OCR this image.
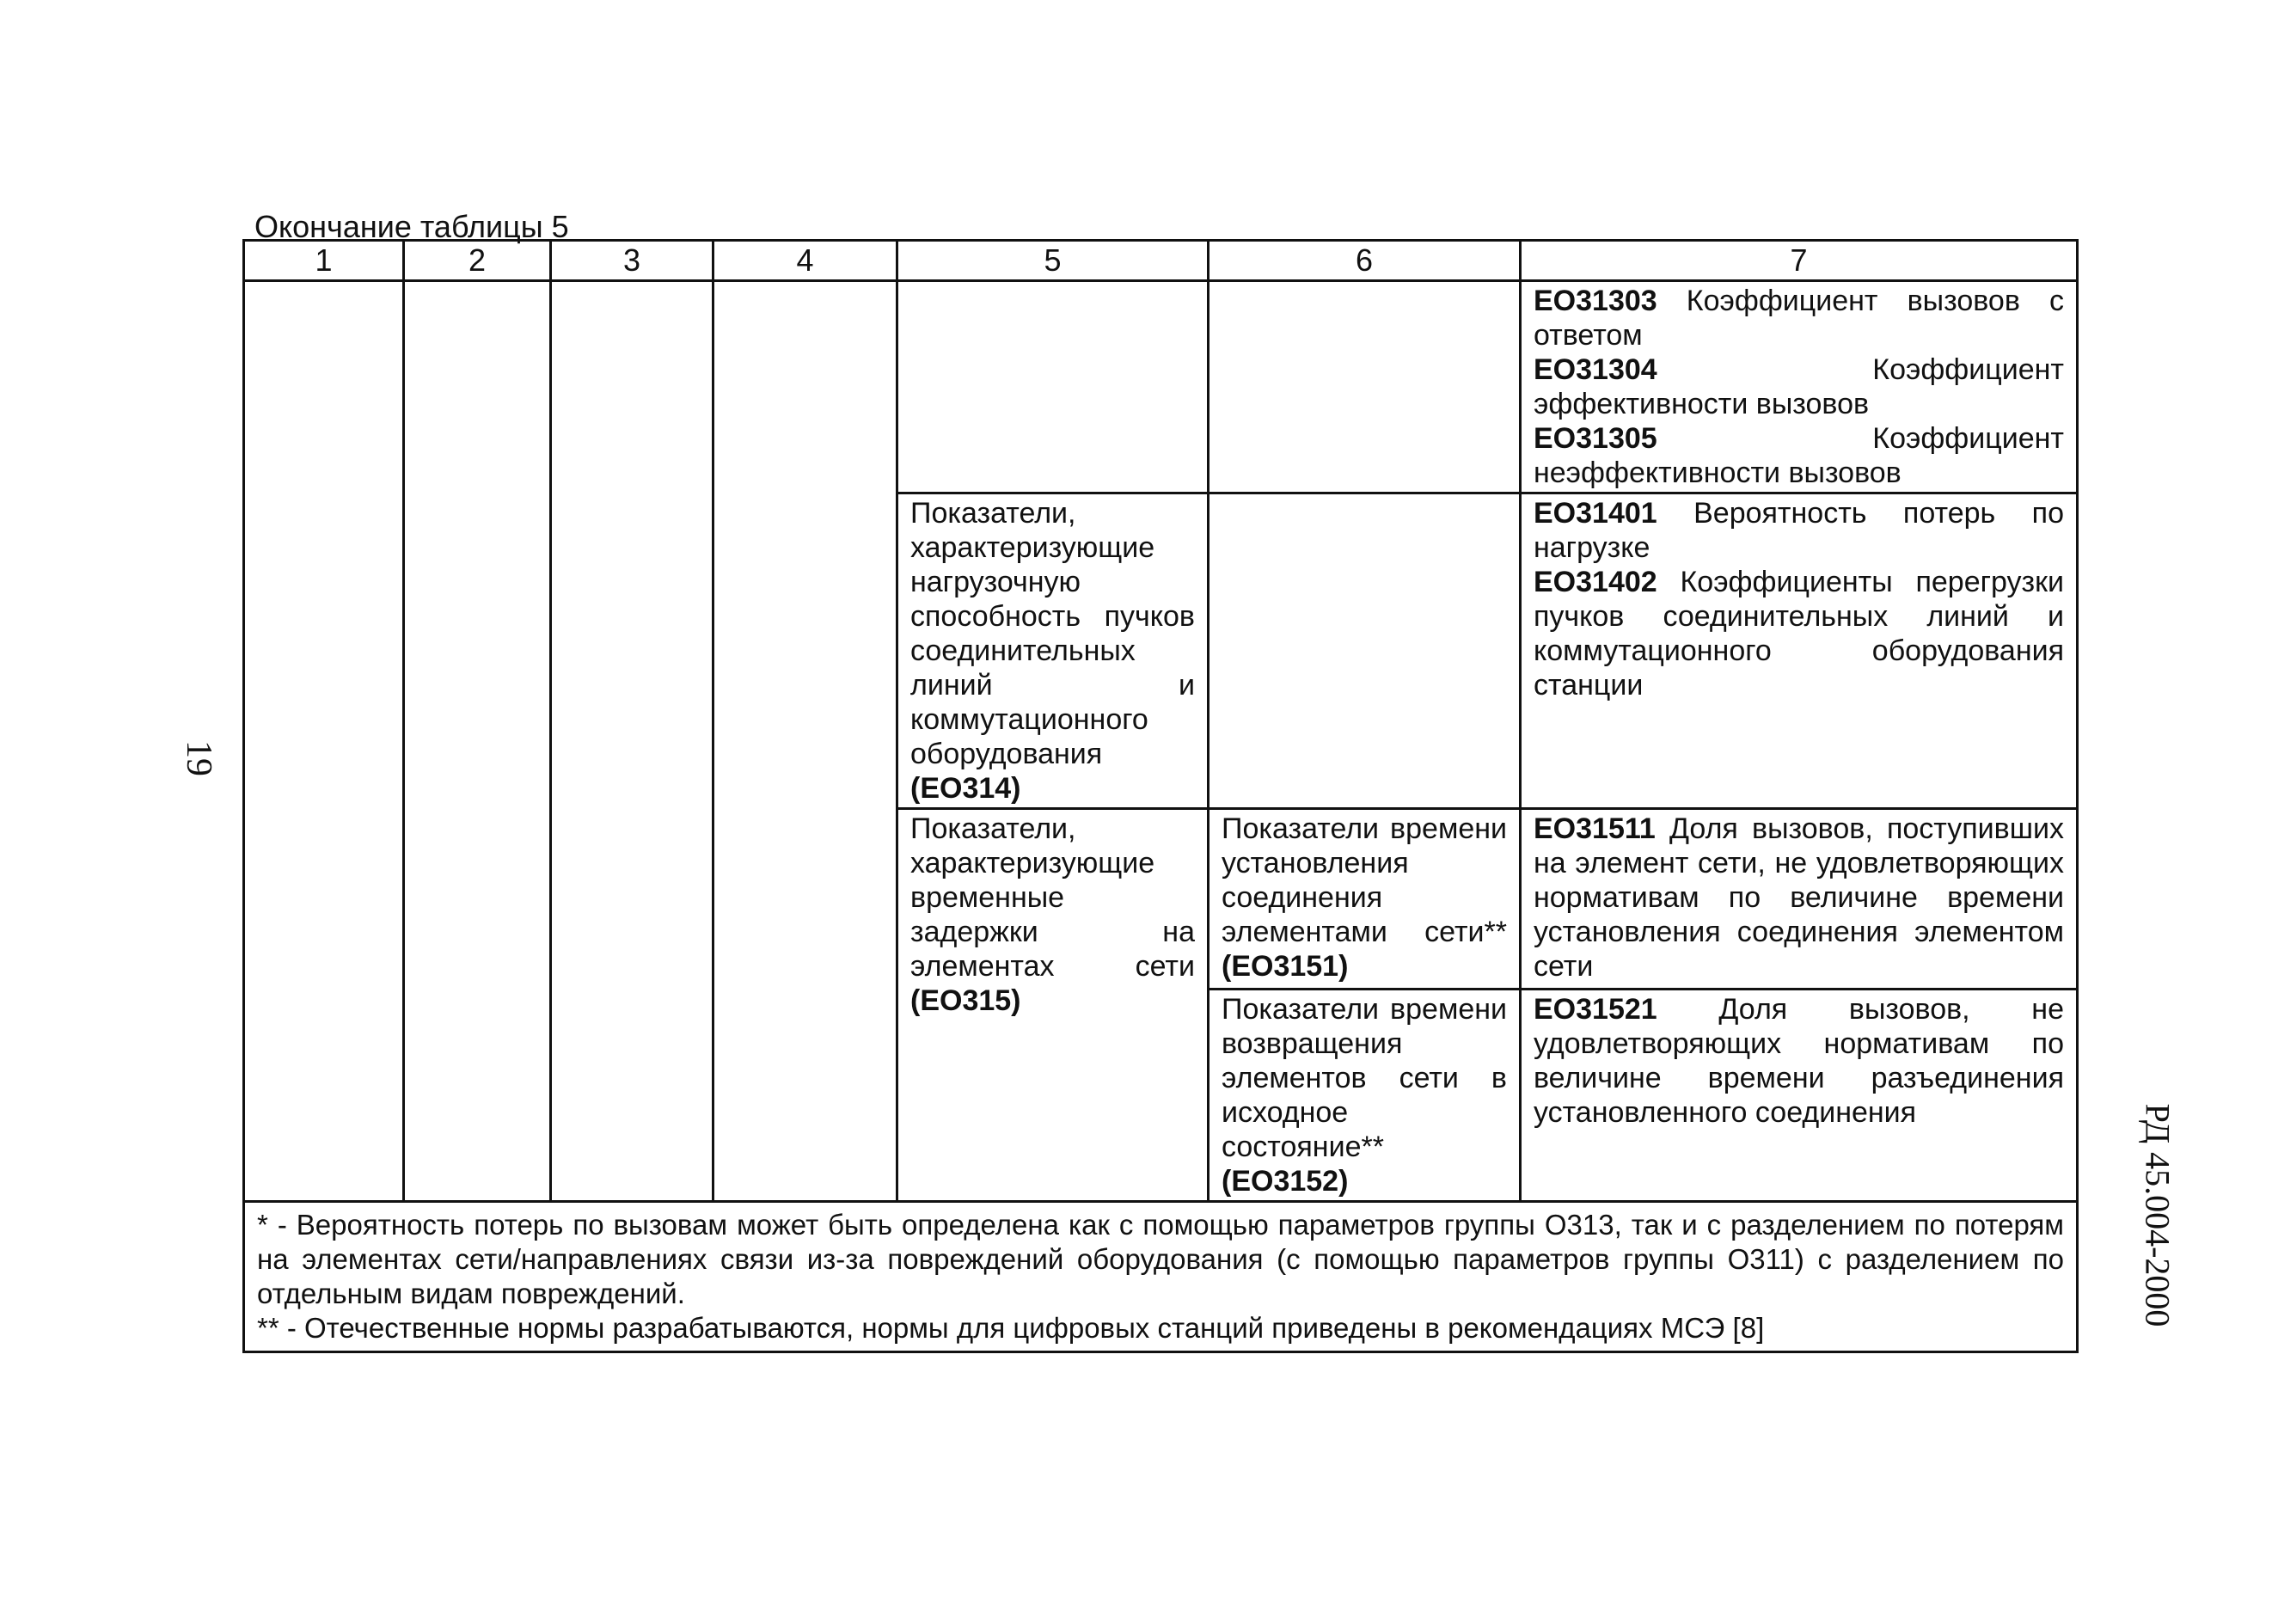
Окончание таблицы 5
1	2	3	4	5	6	7

						ЕО31303 Коэффициент вызовов с ответом

ЕО31304 Коэффициент эффективности вызовов

ЕО31305 Коэффициент неэффективности вызовов

				Показатели, характеризующие нагрузочную способность пучков соединительных линий и коммутационного оборудования (ЕО314)		ЕО31401 Вероятность потерь по нагрузке

ЕО31402 Коэффициенты перегрузки пучков соединительных линий и коммутационного оборудования станции

				Показатели, характеризующие временные задержки на элементах сети (ЕО315)	Показатели времени установления соединения элементами сети** (ЕО3151)	ЕО31511 Доля вызовов, поступивших на элемент сети, не удовлетворяющих нормативам по величине времени установления соединения элементом сети

					Показатели времени возвращения элементов сети в исходное состояние** (ЕО3152)	ЕО31521 Доля вызовов, не удовлетворяющих нормативам по величине времени разъединения установленного соединения

* - Вероятность потерь по вызовам может быть определена как с помощью параметров группы О313, так и с разделением по потерям на элементах сети/направлениях связи из-за повреждений оборудования (с помощью параметров группы О311) с разделением по отдельным видам повреждений.

** - Отечественные нормы разрабатываются, нормы для цифровых станций приведены в рекомендациях МСЭ [8]						

19
РД 45.004-2000
